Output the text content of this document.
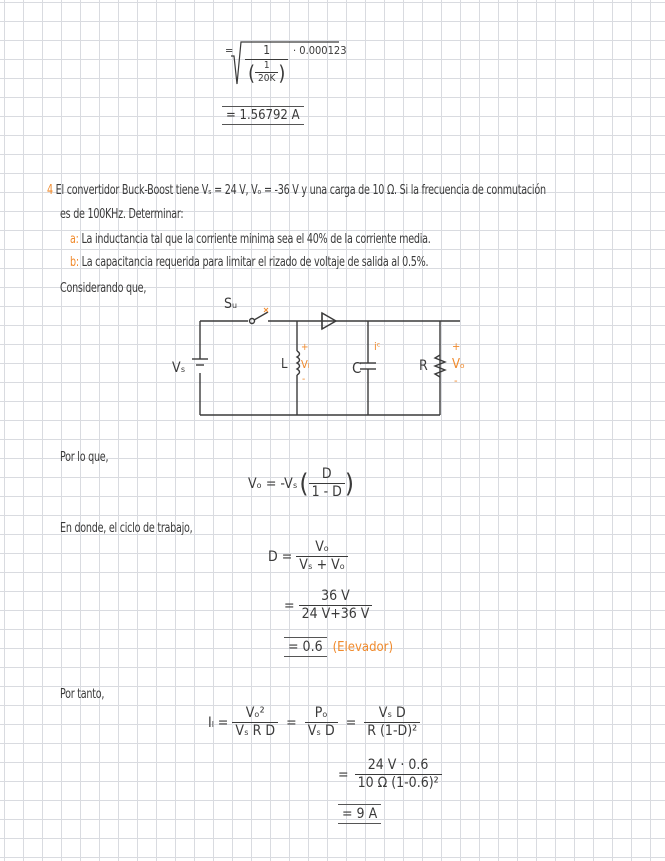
= 1
( $\frac{1}{20K}$ )
· 0.000123
= 1.56792 A
4 El convertidor Buck-Boost tiene Vₛ = 24 V, Vₒ = -36 V y una carga de 10 Ω. Si la frecuencia de conmutación
es de 100KHz. Determinar:
a: La inductancia tal que la corriente minima sea el 40% de la corriente media.
b: La capacitancia requerida para limitar el rizado de voltaje de salida al 0.5%.
Considerando que,
Sᵤ
Vₛ	L
+
Vₗ
-
C
iᶜ
R
+
Vₒ
-
Por lo que,
Vₒ = -Vₛ ( $\frac{D}{1 - D}$ )
En donde, el ciclo de trabajo,
$D = \frac{\text{Vₒ}}{\text{Vₛ + Vₒ}}$
= $\frac{36 V}{24 V+36 V}$
= 0.6 (Elevador)
Por tanto,
$I_l = \frac{\text{Vₒ²}}{\text{Vₛ R D}} = \frac{\text{Pₒ}}{\text{Vₛ D}} = \frac{\text{Vₛ D}}{\text{R (1-D)²}}$
= $\frac{24 V \cdot 0.6}{\text{10 Ω (1-0.6)²}}$
= 9 A
